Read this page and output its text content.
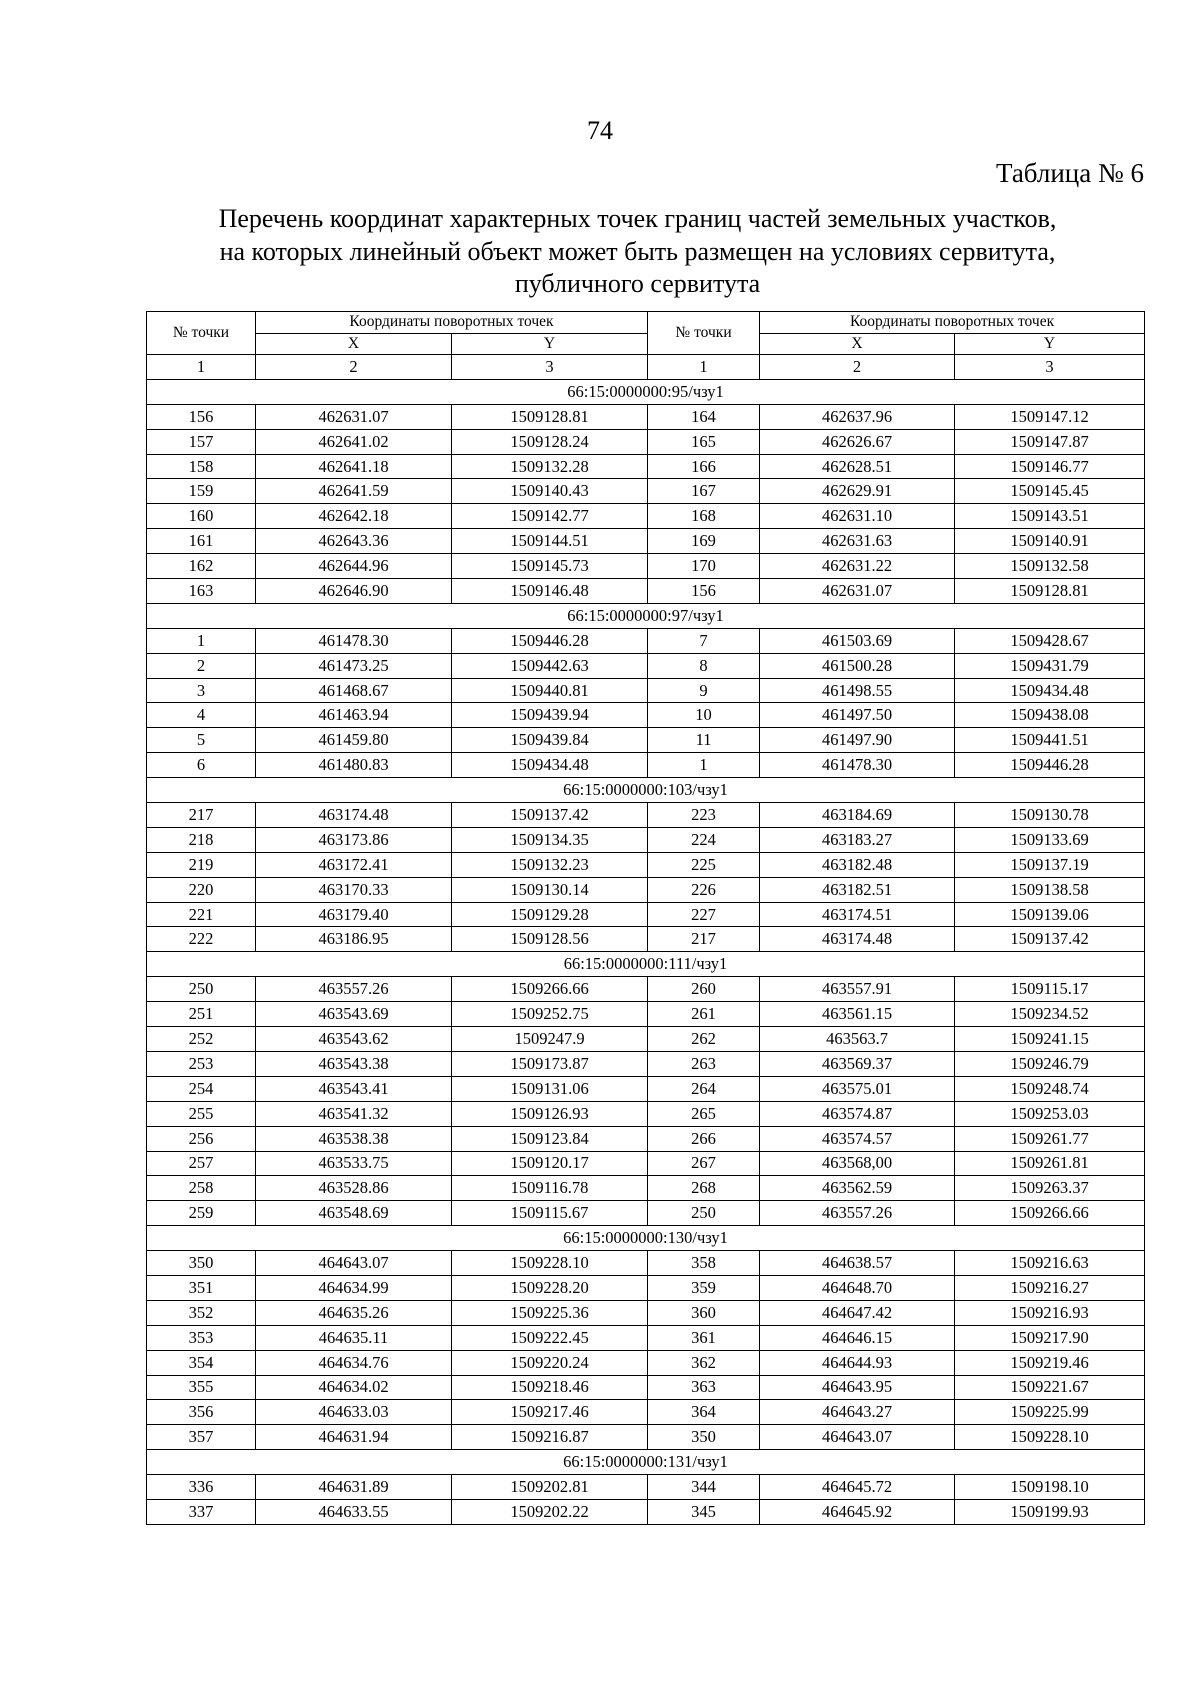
74
Таблица № 6
Перечень координат характерных точек границ частей земельных участков,
на которых линейный объект может быть размещен на условиях сервитута,
публичного сервитута
№ точки	Координаты поворотных точек		№ точки	Координаты поворотных точек	
	X	Y		X	Y
1	2	3	1	2	3
66:15:0000000:95/чзу1					
156	462631.07	1509128.81	164	462637.96	1509147.12
157	462641.02	1509128.24	165	462626.67	1509147.87
158	462641.18	1509132.28	166	462628.51	1509146.77
159	462641.59	1509140.43	167	462629.91	1509145.45
160	462642.18	1509142.77	168	462631.10	1509143.51
161	462643.36	1509144.51	169	462631.63	1509140.91
162	462644.96	1509145.73	170	462631.22	1509132.58
163	462646.90	1509146.48	156	462631.07	1509128.81
66:15:0000000:97/чзу1					
1	461478.30	1509446.28	7	461503.69	1509428.67
2	461473.25	1509442.63	8	461500.28	1509431.79
3	461468.67	1509440.81	9	461498.55	1509434.48
4	461463.94	1509439.94	10	461497.50	1509438.08
5	461459.80	1509439.84	11	461497.90	1509441.51
6	461480.83	1509434.48	1	461478.30	1509446.28
66:15:0000000:103/чзу1					
217	463174.48	1509137.42	223	463184.69	1509130.78
218	463173.86	1509134.35	224	463183.27	1509133.69
219	463172.41	1509132.23	225	463182.48	1509137.19
220	463170.33	1509130.14	226	463182.51	1509138.58
221	463179.40	1509129.28	227	463174.51	1509139.06
222	463186.95	1509128.56	217	463174.48	1509137.42
66:15:0000000:111/чзу1					
250	463557.26	1509266.66	260	463557.91	1509115.17
251	463543.69	1509252.75	261	463561.15	1509234.52
252	463543.62	1509247.9	262	463563.7	1509241.15
253	463543.38	1509173.87	263	463569.37	1509246.79
254	463543.41	1509131.06	264	463575.01	1509248.74
255	463541.32	1509126.93	265	463574.87	1509253.03
256	463538.38	1509123.84	266	463574.57	1509261.77
257	463533.75	1509120.17	267	463568,00	1509261.81
258	463528.86	1509116.78	268	463562.59	1509263.37
259	463548.69	1509115.67	250	463557.26	1509266.66
66:15:0000000:130/чзу1					
350	464643.07	1509228.10	358	464638.57	1509216.63
351	464634.99	1509228.20	359	464648.70	1509216.27
352	464635.26	1509225.36	360	464647.42	1509216.93
353	464635.11	1509222.45	361	464646.15	1509217.90
354	464634.76	1509220.24	362	464644.93	1509219.46
355	464634.02	1509218.46	363	464643.95	1509221.67
356	464633.03	1509217.46	364	464643.27	1509225.99
357	464631.94	1509216.87	350	464643.07	1509228.10
66:15:0000000:131/чзу1					
336	464631.89	1509202.81	344	464645.72	1509198.10
337	464633.55	1509202.22	345	464645.92	1509199.93
